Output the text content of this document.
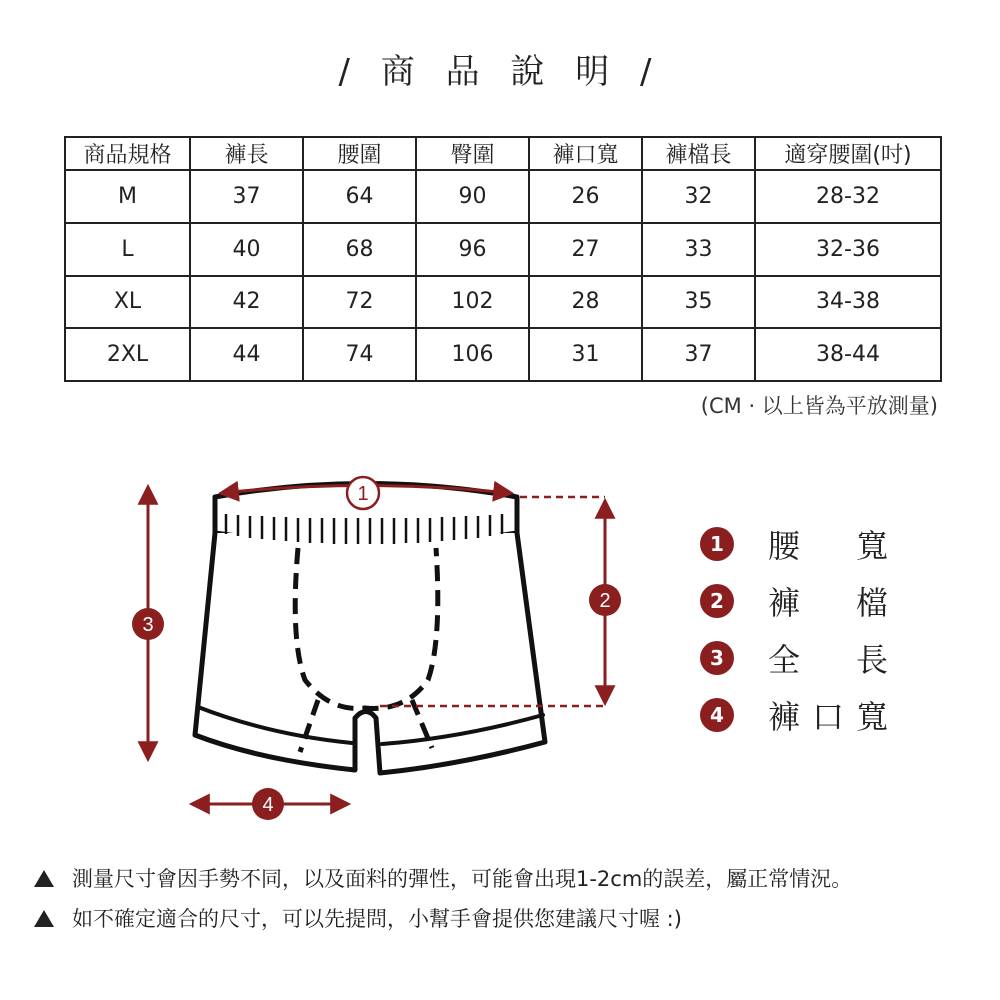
/ 商 品 說 明 /
商品規格	褲長	腰圍	臀圍	褲口寬	褲檔長	適穿腰圍(吋)
M	37	64	90	26	32	28-32
L	40	68	96	27	33	32-36
XL	42	72	102	28	35	34-38
2XL	44	74	106	31	37	38-44
(CM · 以上皆為平放測量)
1
2
3
4
1	腰 寬
2	褲 檔
3	全 長
4	褲 口 寬
測量尺寸會因手勢不同，以及面料的彈性，可能會出現1-2cm的誤差，屬正常情況。
如不確定適合的尺寸，可以先提問，小幫手會提供您建議尺寸喔 :)
